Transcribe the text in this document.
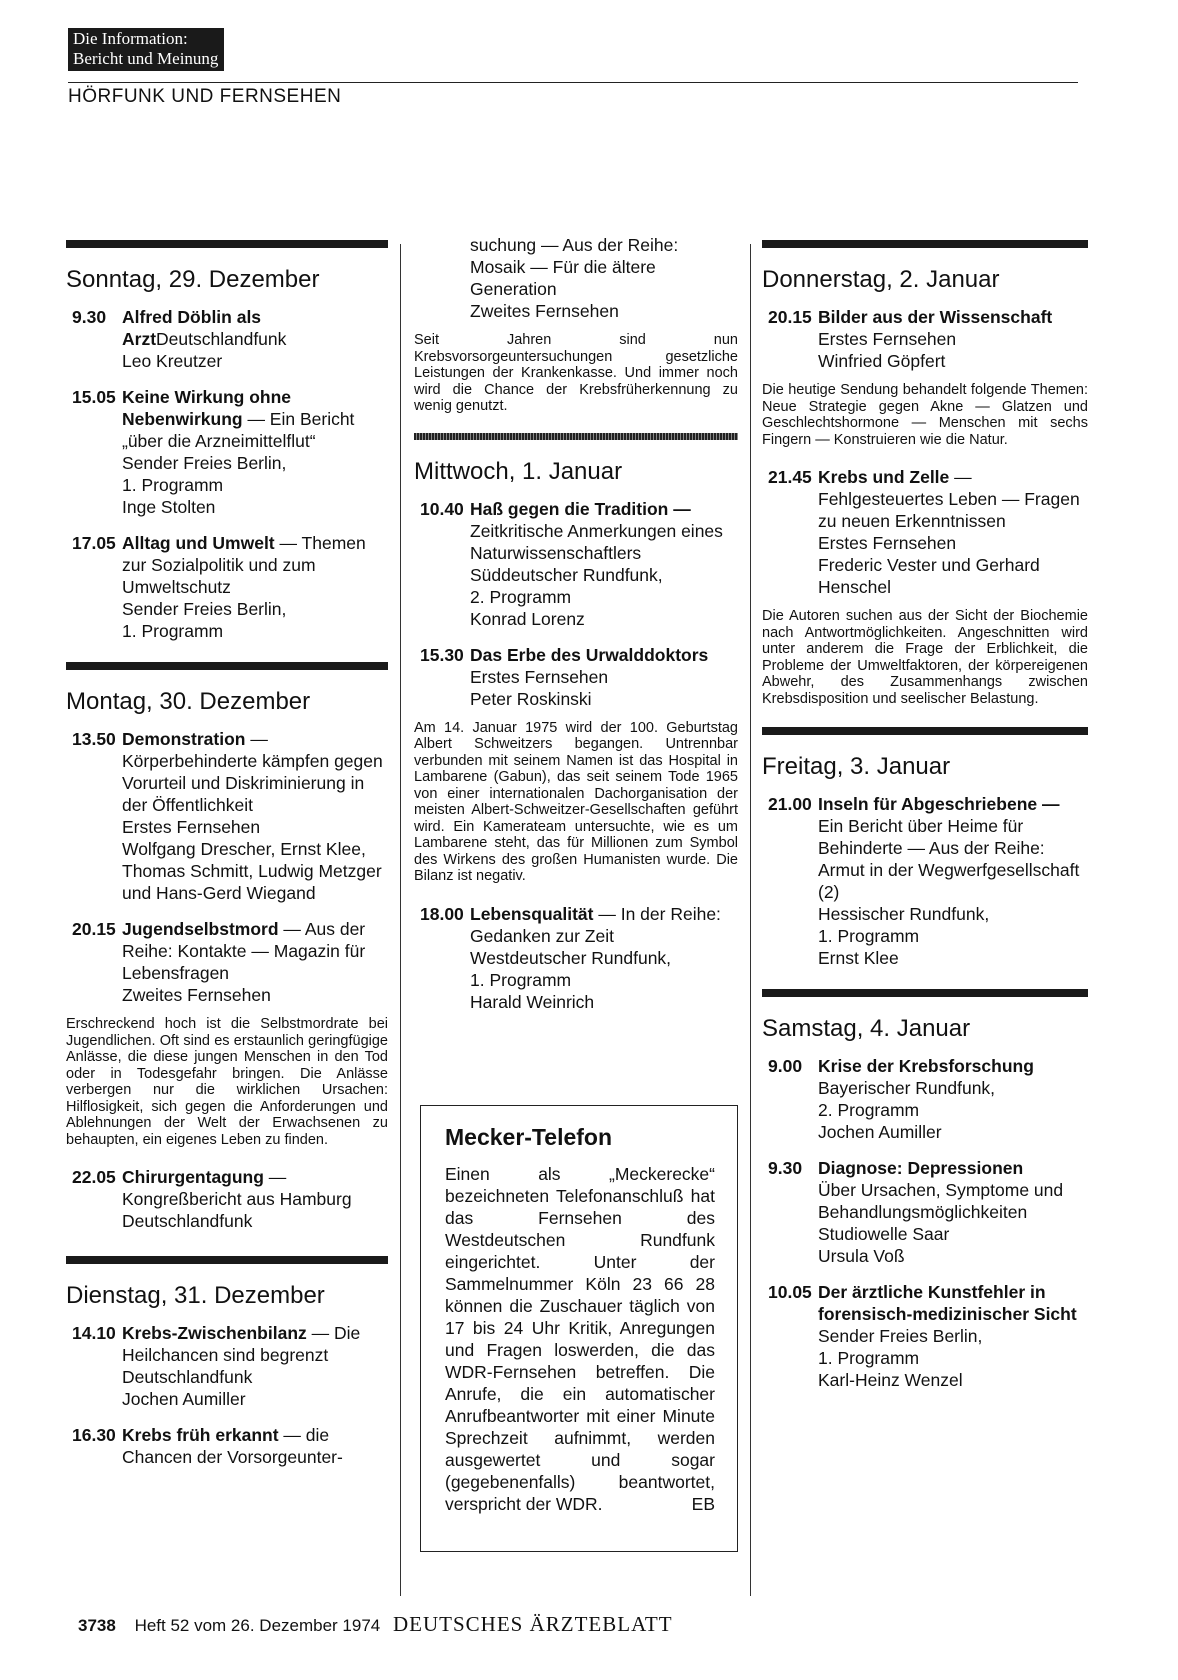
Die Information:
Bericht und Meinung
HÖRFUNK UND FERNSEHEN
Sonntag, 29. Dezember
9.30 Alfred Döblin als ArztDeutschlandfunk
Leo Kreutzer
15.05 Keine Wirkung ohne Nebenwirkung — Ein Bericht „über die Arzneimittelflut“
Sender Freies Berlin,
1. Programm
Inge Stolten
17.05 Alltag und Umwelt — Themen zur Sozialpolitik und zum Umweltschutz
Sender Freies Berlin,
1. Programm
Montag, 30. Dezember
13.50 Demonstration — Körperbehinderte kämpfen gegen Vorurteil und Diskriminierung in der Öffentlichkeit
Erstes Fernsehen
Wolfgang Drescher, Ernst Klee, Thomas Schmitt, Ludwig Metzger und Hans-Gerd Wiegand
20.15 Jugendselbstmord — Aus der Reihe: Kontakte — Magazin für Lebensfragen
Zweites Fernsehen
Erschreckend hoch ist die Selbstmordrate bei Jugendlichen. Oft sind es erstaunlich geringfügige Anlässe, die diese jungen Menschen in den Tod oder in Todesgefahr bringen. Die Anlässe verbergen nur die wirklichen Ursachen: Hilflosigkeit, sich gegen die Anforderungen und Ablehnungen der Welt der Erwachsenen zu behaupten, ein eigenes Leben zu finden.
22.05 Chirurgentagung — Kongreßbericht aus Hamburg
Deutschlandfunk
Dienstag, 31. Dezember
14.10 Krebs-Zwischenbilanz — Die Heilchancen sind begrenzt
Deutschlandfunk
Jochen Aumiller
16.30 Krebs früh erkannt — die Chancen der Vorsorgeunter-
suchung — Aus der Reihe: Mosaik — Für die ältere Generation
Zweites Fernsehen
Seit Jahren sind nun Krebsvorsorgeuntersuchungen gesetzliche Leistungen der Krankenkasse. Und immer noch wird die Chance der Krebsfrüherkennung zu wenig genutzt.
Mittwoch, 1. Januar
10.40 Haß gegen die Tradition —
Zeitkritische Anmerkungen eines Naturwissenschaftlers
Süddeutscher Rundfunk,
2. Programm
Konrad Lorenz
15.30 Das Erbe des Urwalddoktors
Erstes Fernsehen
Peter Roskinski
Am 14. Januar 1975 wird der 100. Geburtstag Albert Schweitzers begangen. Untrennbar verbunden mit seinem Namen ist das Hospital in Lambarene (Gabun), das seit seinem Tode 1965 von einer internationalen Dachorganisation der meisten Albert-Schweitzer-Gesellschaften geführt wird. Ein Kamerateam untersuchte, wie es um Lambarene steht, das für Millionen zum Symbol des Wirkens des großen Humanisten wurde. Die Bilanz ist negativ.
18.00 Lebensqualität — In der Reihe: Gedanken zur Zeit
Westdeutscher Rundfunk,
1. Programm
Harald Weinrich
Mecker-Telefon
Einen als „Meckerecke“ bezeichneten Telefonanschluß hat das Fernsehen des Westdeutschen Rundfunk eingerichtet. Unter der Sammelnummer Köln 23 66 28 können die Zuschauer täglich von 17 bis 24 Uhr Kritik, Anregungen und Fragen loswerden, die das WDR-Fernsehen betreffen. Die Anrufe, die ein automatischer Anrufbeantworter mit einer Minute Sprechzeit aufnimmt, werden ausgewertet und sogar (gegebenenfalls) beantwortet, verspricht der WDR.	EB
Donnerstag, 2. Januar
20.15 Bilder aus der Wissenschaft
Erstes Fernsehen
Winfried Göpfert
Die heutige Sendung behandelt folgende Themen: Neue Strategie gegen Akne — Glatzen und Geschlechtshormone — Menschen mit sechs Fingern — Konstruieren wie die Natur.
21.45 Krebs und Zelle — Fehlgesteuertes Leben — Fragen zu neuen Erkenntnissen
Erstes Fernsehen
Frederic Vester und Gerhard Henschel
Die Autoren suchen aus der Sicht der Biochemie nach Antwortmöglichkeiten. Angeschnitten wird unter anderem die Frage der Erblichkeit, die Probleme der Umweltfaktoren, der körpereigenen Abwehr, des Zusammenhangs zwischen Krebsdisposition und seelischer Belastung.
Freitag, 3. Januar
21.00 Inseln für Abgeschriebene —
Ein Bericht über Heime für Behinderte — Aus der Reihe: Armut in der Wegwerfgesellschaft (2)
Hessischer Rundfunk,
1. Programm
Ernst Klee
Samstag, 4. Januar
9.00 Krise der Krebsforschung
Bayerischer Rundfunk,
2. Programm
Jochen Aumiller
9.30 Diagnose: Depressionen
Über Ursachen, Symptome und Behandlungsmöglichkeiten
Studiowelle Saar
Ursula Voß
10.05 Der ärztliche Kunstfehler in forensisch-medizinischer Sicht
Sender Freies Berlin,
1. Programm
Karl-Heinz Wenzel
3738 Heft 52 vom 26. Dezember 1974 DEUTSCHES ÄRZTEBLATT
